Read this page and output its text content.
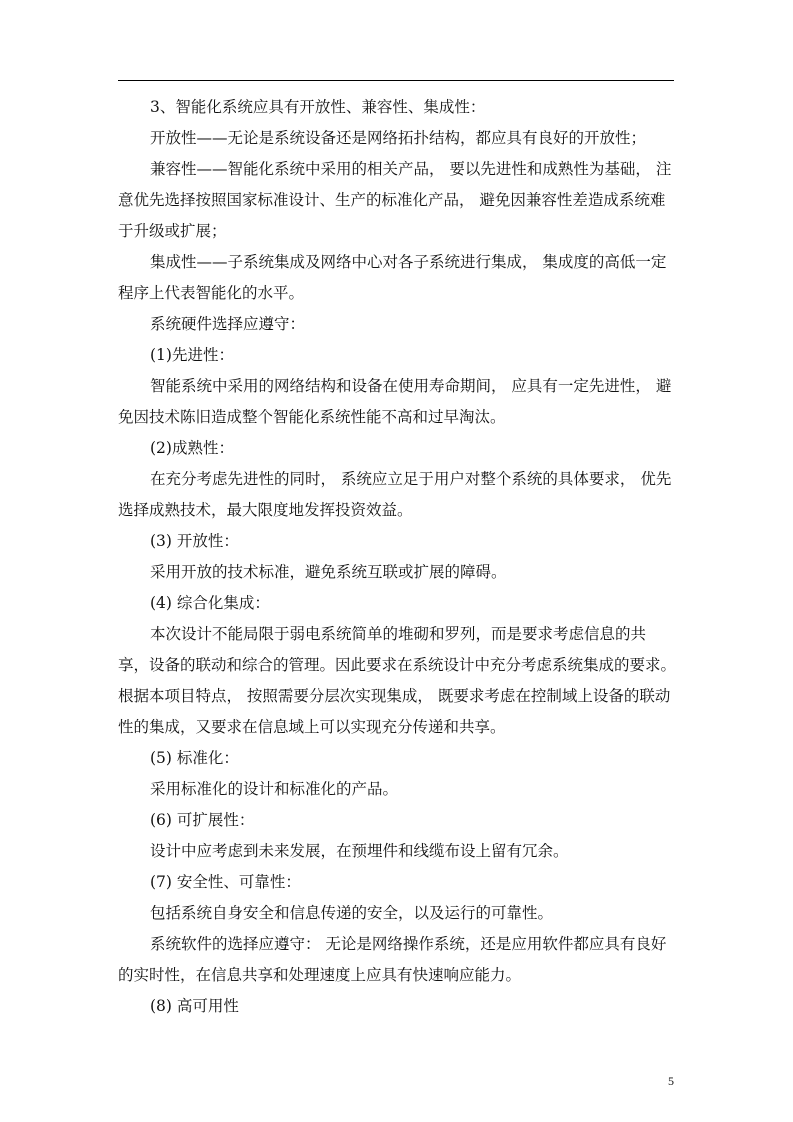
3、智能化系统应具有开放性、兼容性、集成性：
开放性——无论是系统设备还是网络拓扑结构，都应具有良好的开放性；
兼容性——智能化系统中采用的相关产品， 要以先进性和成熟性为基础， 注
意优先选择按照国家标准设计、生产的标准化产品， 避免因兼容性差造成系统难
于升级或扩展；
集成性——子系统集成及网络中心对各子系统进行集成， 集成度的高低一定
程序上代表智能化的水平。
系统硬件选择应遵守：
(1)先进性：
智能系统中采用的网络结构和设备在使用寿命期间， 应具有一定先进性， 避
免因技术陈旧造成整个智能化系统性能不高和过早淘汰。
(2)成熟性：
在充分考虑先进性的同时， 系统应立足于用户对整个系统的具体要求， 优先
选择成熟技术，最大限度地发挥投资效益。
(3) 开放性：
采用开放的技术标准，避免系统互联或扩展的障碍。
(4) 综合化集成：
本次设计不能局限于弱电系统简单的堆砌和罗列，而是要求考虑信息的共
享，设备的联动和综合的管理。因此要求在系统设计中充分考虑系统集成的要求。
根据本项目特点， 按照需要分层次实现集成， 既要求考虑在控制域上设备的联动
性的集成，又要求在信息域上可以实现充分传递和共享。
(5) 标准化：
采用标准化的设计和标准化的产品。
(6) 可扩展性：
设计中应考虑到未来发展，在预埋件和线缆布设上留有冗余。
(7) 安全性、可靠性：
包括系统自身安全和信息传递的安全，以及运行的可靠性。
系统软件的选择应遵守： 无论是网络操作系统，还是应用软件都应具有良好
的实时性，在信息共享和处理速度上应具有快速响应能力。
(8) 高可用性
5
